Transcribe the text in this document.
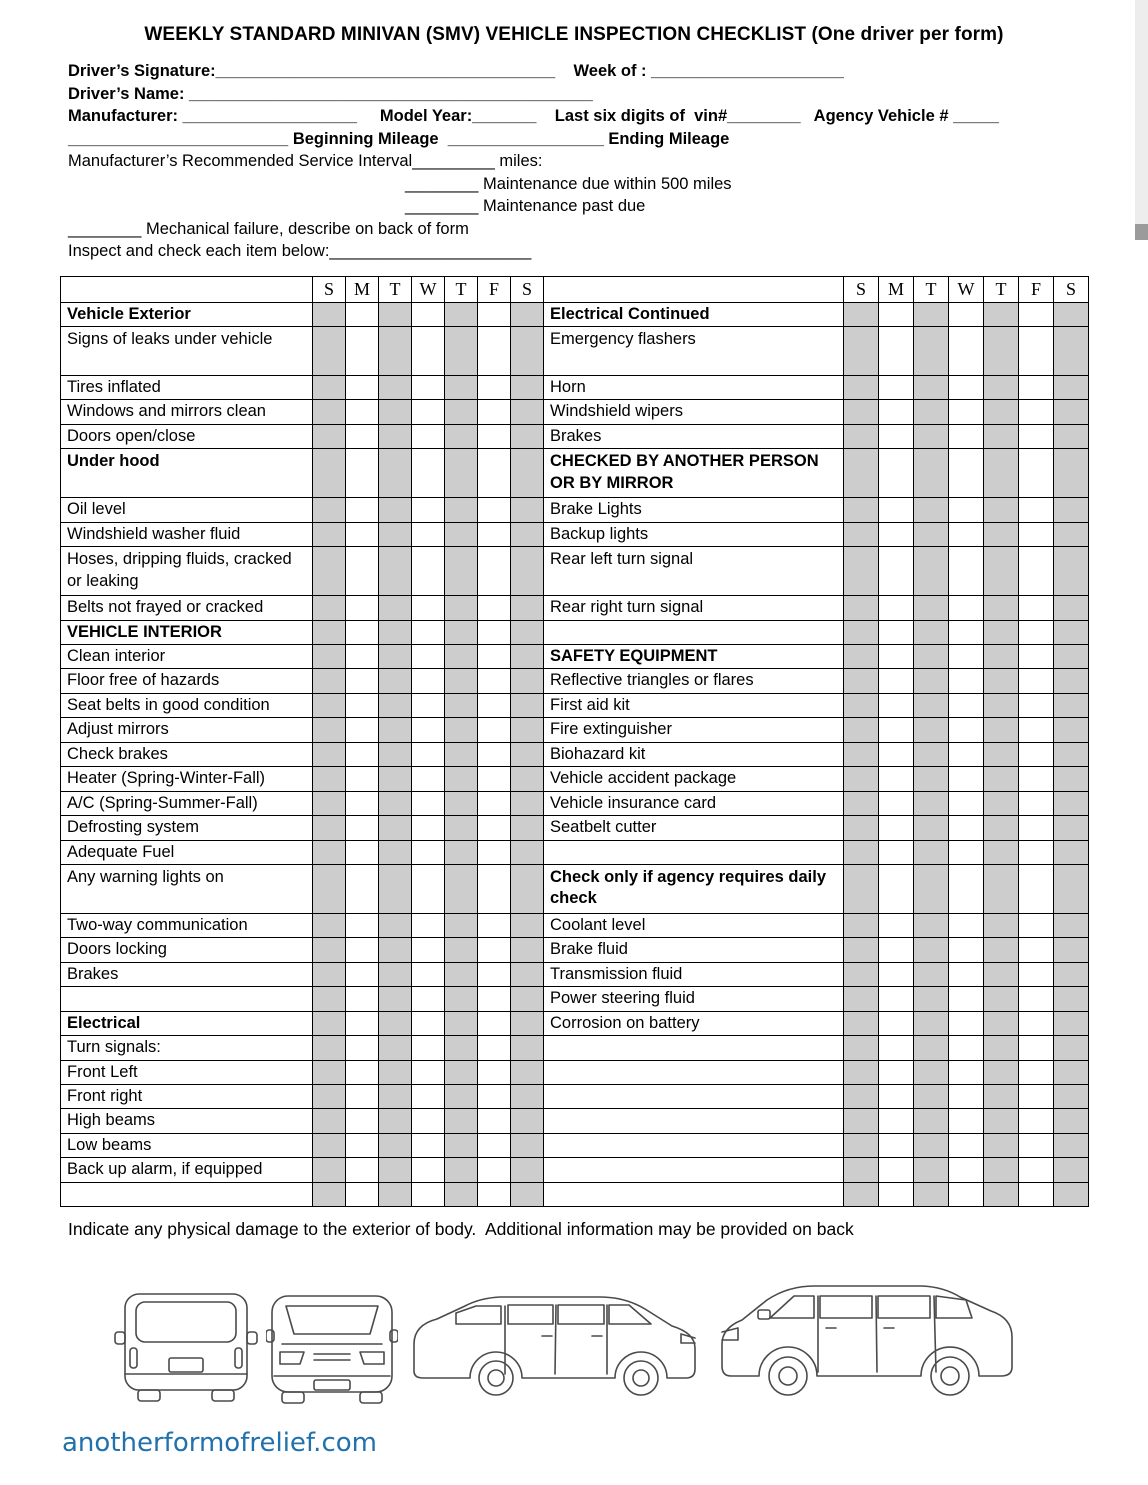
WEEKLY STANDARD MINIVAN (SMV) VEHICLE INSPECTION CHECKLIST (One driver per form)
Driver’s Signature:_____________________________________    Week of : _____________________
Driver’s Name: ____________________________________________
Manufacturer: ___________________     Model Year:_______    Last six digits of  vin#________   Agency Vehicle # _____
________________________ Beginning Mileage  _________________ Ending Mileage
Manufacturer’s Recommended Service Interval_________ miles:
________ Maintenance due within 500 miles
________ Maintenance past due
________ Mechanical failure, describe on back of form
Inspect and check each item below:______________________
	S	M	T	W	T	F	S		S	M	T	W	T	F	S
Vehicle Exterior								Electrical Continued							
Signs of leaks under vehicle								Emergency flashers							
Tires inflated								Horn							
Windows and mirrors clean								Windshield wipers							
Doors open/close								Brakes							
Under hood								CHECKED BY ANOTHER PERSON OR BY MIRROR							
Oil level								Brake Lights							
Windshield washer fluid								Backup lights							
Hoses, dripping fluids, cracked or leaking								Rear left turn signal							
Belts not frayed or cracked								Rear right turn signal							
VEHICLE INTERIOR															
Clean interior								SAFETY EQUIPMENT							
Floor free of hazards								Reflective triangles or flares							
Seat belts in good condition								First aid kit							
Adjust mirrors								Fire extinguisher							
Check brakes								Biohazard kit							
Heater (Spring-Winter-Fall)								Vehicle accident package							
A/C (Spring-Summer-Fall)								Vehicle insurance card							
Defrosting system								Seatbelt cutter							
Adequate Fuel															
Any warning lights on								Check only if agency requires daily check							
Two-way communication								Coolant level							
Doors locking								Brake fluid							
Brakes								Transmission fluid							
								Power steering fluid							
Electrical								Corrosion on battery							
Turn signals:															
Front Left															
Front right															
High beams															
Low beams															
Back up alarm, if equipped															

Indicate any physical damage to the exterior of body.  Additional information may be provided on back
anotherformofrelief.com
